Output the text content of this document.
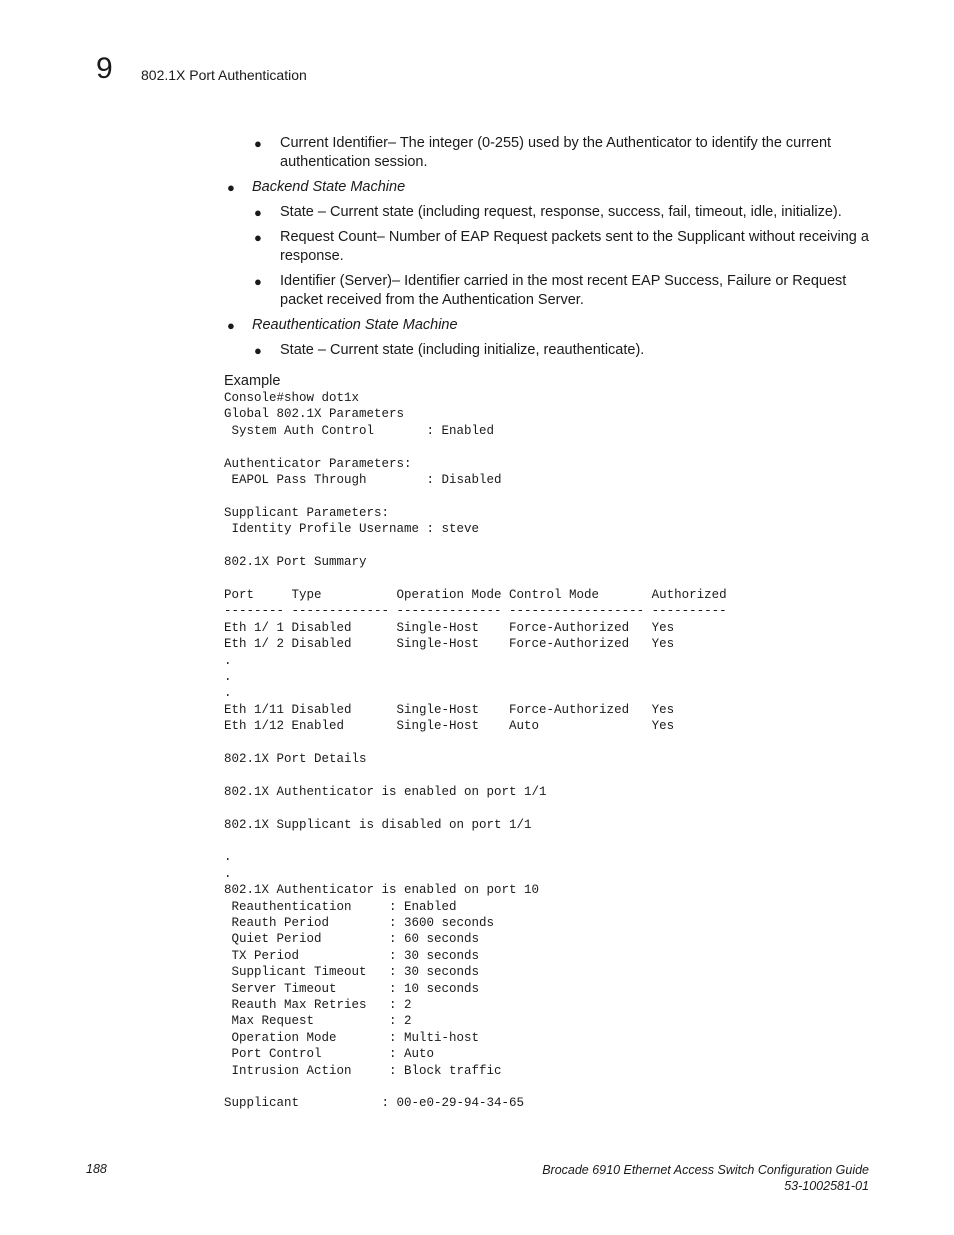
9 802.1X Port Authentication
● Current Identifier– The integer (0-255) used by the Authenticator to identify the current authentication session.
● Backend State Machine
● State – Current state (including request, response, success, fail, timeout, idle, initialize).
● Request Count– Number of EAP Request packets sent to the Supplicant without receiving a response.
● Identifier (Server)– Identifier carried in the most recent EAP Success, Failure or Request packet received from the Authentication Server.
● Reauthentication State Machine
● State – Current state (including initialize, reauthenticate).
Example
Console#show dot1x
Global 802.1X Parameters
System Auth Control       : Enabled

Authenticator Parameters:
EAPOL Pass Through        : Disabled

Supplicant Parameters:
Identity Profile Username : steve

802.1X Port Summary

Port     Type          Operation Mode Control Mode       Authorized
-------- ------------- -------------- ------------------ ----------
Eth 1/ 1 Disabled      Single-Host    Force-Authorized   Yes
Eth 1/ 2 Disabled      Single-Host    Force-Authorized   Yes
.
.
.
Eth 1/11 Disabled      Single-Host    Force-Authorized   Yes
Eth 1/12 Enabled       Single-Host    Auto               Yes

802.1X Port Details

802.1X Authenticator is enabled on port 1/1

802.1X Supplicant is disabled on port 1/1

.
.
802.1X Authenticator is enabled on port 10
Reauthentication     : Enabled
Reauth Period        : 3600 seconds
Quiet Period         : 60 seconds
TX Period            : 30 seconds
Supplicant Timeout   : 30 seconds
Server Timeout       : 10 seconds
Reauth Max Retries   : 2
Max Request          : 2
Operation Mode       : Multi-host
Port Control         : Auto
Intrusion Action     : Block traffic

Supplicant           : 00-e0-29-94-34-65
188	Brocade 6910 Ethernet Access Switch Configuration Guide
53-1002581-01
